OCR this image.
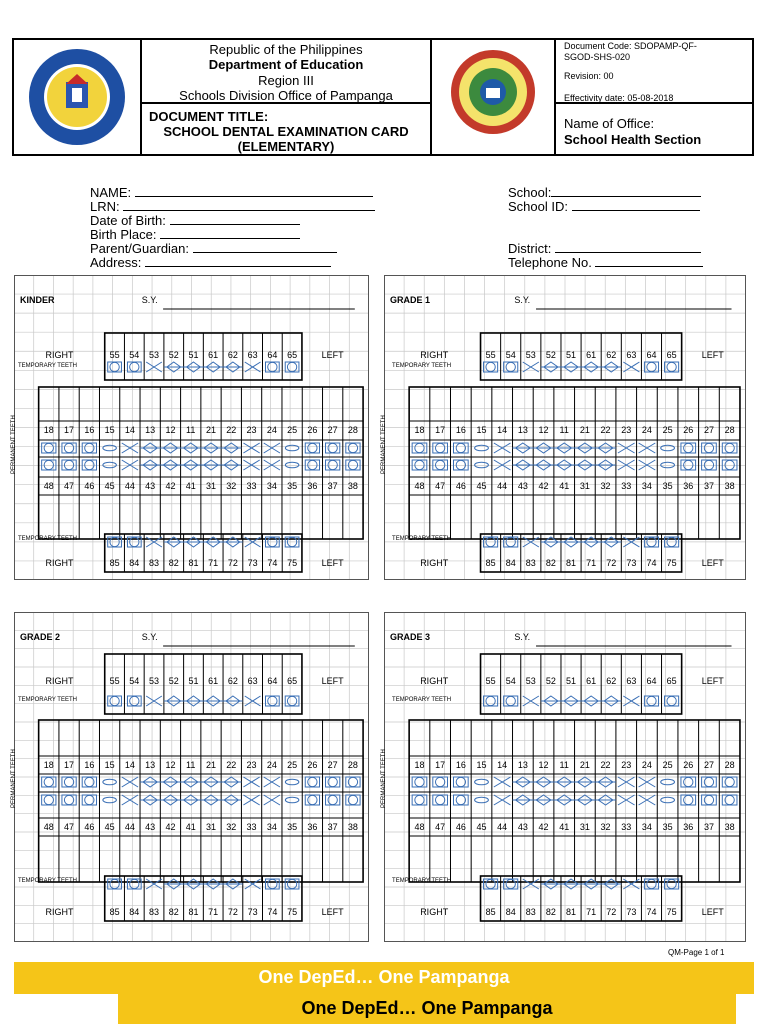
Republic of the Philippines
Department of Education
Region III
Schools Division Office of Pampanga
DOCUMENT TITLE:
SCHOOL DENTAL EXAMINATION CARD
(ELEMENTARY)
Document Code: SDOPAMP-QF-
SGOD-SHS-020
Revision: 00
Effectivity date: 05-08-2018
Name of Office:
School Health Section
NAME:
LRN:
Date of Birth:
Birth Place:
Parent/Guardian:
Address:
School:
School ID:
District:
Telephone No.
KINDER	S.Y.
RIGHT	LEFT
TEMPORARY TEETH
55	54	53	52	51	61	62	63	64	65
PERMANENT TEETH	18	17	16	15	14	13	12	11	21	22	23	24	25	26	27	28
48	47	46	45	44	43	42	41	31	32	33	34	35	36	37	38
TEMPORARY TEETH
RIGHT	LEFT
85	84	83	82	81	71	72	73	74	75
GRADE 1	S.Y.
RIGHT	LEFT
TEMPORARY TEETH
55	54	53	52	51	61	62	63	64	65
PERMANENT TEETH	18	17	16	15	14	13	12	11	21	22	23	24	25	26	27	28
48	47	46	45	44	43	42	41	31	32	33	34	35	36	37	38
TEMPORARY TEETH
RIGHT	LEFT
85	84	83	82	81	71	72	73	74	75
GRADE 2	S.Y.
RIGHT	LEFT
TEMPORARY TEETH
55	54	53	52	51	61	62	63	64	65
PERMANENT TEETH	18	17	16	15	14	13	12	11	21	22	23	24	25	26	27	28
48	47	46	45	44	43	42	41	31	32	33	34	35	36	37	38
TEMPORARY TEETH
RIGHT	LEFT
85	84	83	82	81	71	72	73	74	75
GRADE 3	S.Y.
RIGHT	LEFT
TEMPORARY TEETH
55	54	53	52	51	61	62	63	64	65
PERMANENT TEETH	18	17	16	15	14	13	12	11	21	22	23	24	25	26	27	28
48	47	46	45	44	43	42	41	31	32	33	34	35	36	37	38
TEMPORARY TEETH
RIGHT	LEFT
85	84	83	82	81	71	72	73	74	75
QM-Page 1 of 1
One DepEd… One Pampanga
One DepEd… One Pampanga
